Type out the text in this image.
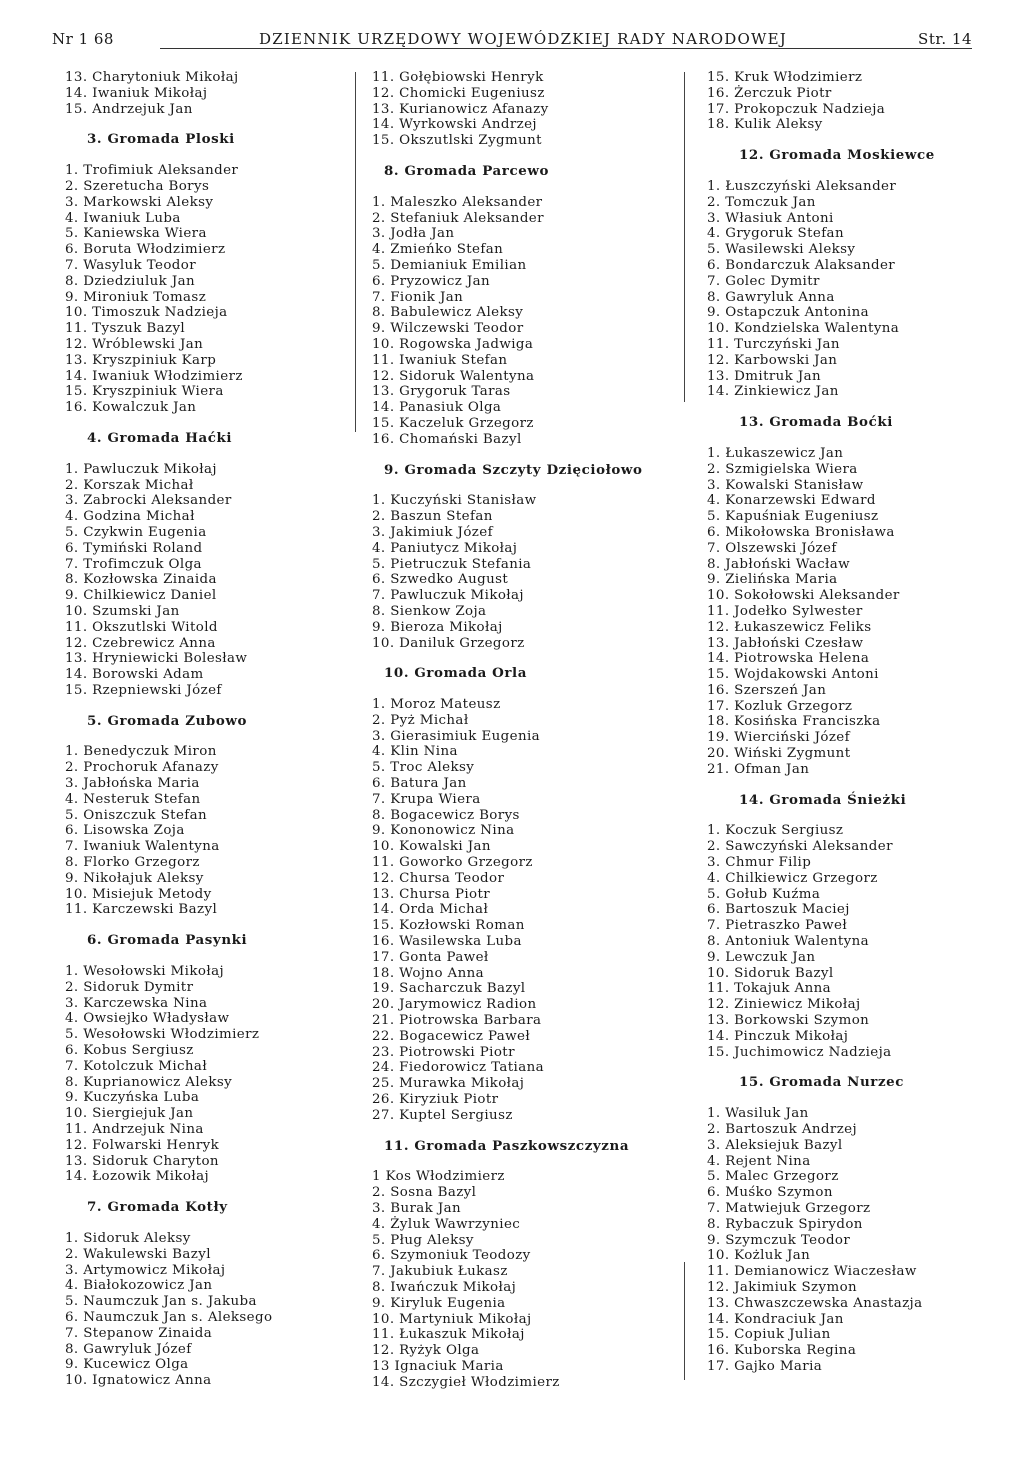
Nr 1 68	DZIENNIK URZĘDOWY WOJEWÓDZKIEJ RADY NARODOWEJ	Str. 14
13. Charytoniuk Mikołaj
14. Iwaniuk Mikołaj
15. Andrzejuk Jan
3. Gromada Ploski
1. Trofimiuk Aleksander
2. Szeretucha Borys
3. Markowski Aleksy
4. Iwaniuk Luba
5. Kaniewska Wiera
6. Boruta Włodzimierz
7. Wasyluk Teodor
8. Dziedziuluk Jan
9. Mironiuk Tomasz
10. Timoszuk Nadzieja
11. Tyszuk Bazyl
12. Wróblewski Jan
13. Kryszpiniuk Karp
14. Iwaniuk Włodzimierz
15. Kryszpiniuk Wiera
16. Kowalczuk Jan
4. Gromada Haćki
1. Pawluczuk Mikołaj
2. Korszak Michał
3. Zabrocki Aleksander
4. Godzina Michał
5. Czykwin Eugenia
6. Tymiński Roland
7. Trofimczuk Olga
8. Kozłowska Zinaida
9. Chilkiewicz Daniel
10. Szumski Jan
11. Okszutlski Witold
12. Czebrewicz Anna
13. Hryniewicki Bolesław
14. Borowski Adam
15. Rzepniewski Józef
5. Gromada Zubowo
1. Benedyczuk Miron
2. Prochoruk Afanazy
3. Jabłońska Maria
4. Nesteruk Stefan
5. Oniszczuk Stefan
6. Lisowska Zoja
7. Iwaniuk Walentyna
8. Florko Grzegorz
9. Nikołajuk Aleksy
10. Misiejuk Metody
11. Karczewski Bazyl
6. Gromada Pasynki
1. Wesołowski Mikołaj
2. Sidoruk Dymitr
3. Karczewska Nina
4. Owsiejko Władysław
5. Wesołowski Włodzimierz
6. Kobus Sergiusz
7. Kotolczuk Michał
8. Kuprianowicz Aleksy
9. Kuczyńska Luba
10. Siergiejuk Jan
11. Andrzejuk Nina
12. Folwarski Henryk
13. Sidoruk Charyton
14. Łozowik Mikołaj
7. Gromada Kotły
1. Sidoruk Aleksy
2. Wakulewski Bazyl
3. Artymowicz Mikołaj
4. Białokozowicz Jan
5. Naumczuk Jan s. Jakuba
6. Naumczuk Jan s. Aleksego
7. Stepanow Zinaida
8. Gawryluk Józef
9. Kucewicz Olga
10. Ignatowicz Anna
11. Gołębiowski Henryk
12. Chomicki Eugeniusz
13. Kurianowicz Afanazy
14. Wyrkowski Andrzej
15. Okszutlski Zygmunt
8. Gromada Parcewo
1. Maleszko Aleksander
2. Stefaniuk Aleksander
3. Jodła Jan
4. Zmieńko Stefan
5. Demianiuk Emilian
6. Pryzowicz Jan
7. Fionik Jan
8. Babulewicz Aleksy
9. Wilczewski Teodor
10. Rogowska Jadwiga
11. Iwaniuk Stefan
12. Sidoruk Walentyna
13. Grygoruk Taras
14. Panasiuk Olga
15. Kaczeluk Grzegorz
16. Chomański Bazyl
9. Gromada Szczyty Dzięciołowo
1. Kuczyński Stanisław
2. Baszun Stefan
3. Jakimiuk Józef
4. Paniutycz Mikołaj
5. Pietruczuk Stefania
6. Szwedko August
7. Pawluczuk Mikołaj
8. Sienkow Zoja
9. Bieroza Mikołaj
10. Daniluk Grzegorz
10. Gromada Orla
1. Moroz Mateusz
2. Pyż Michał
3. Gierasimiuk Eugenia
4. Klin Nina
5. Troc Aleksy
6. Batura Jan
7. Krupa Wiera
8. Bogacewicz Borys
9. Kononowicz Nina
10. Kowalski Jan
11. Goworko Grzegorz
12. Chursa Teodor
13. Chursa Piotr
14. Orda Michał
15. Kozłowski Roman
16. Wasilewska Luba
17. Gonta Paweł
18. Wojno Anna
19. Sacharczuk Bazyl
20. Jarymowicz Radion
21. Piotrowska Barbara
22. Bogacewicz Paweł
23. Piotrowski Piotr
24. Fiedorowicz Tatiana
25. Murawka Mikołaj
26. Kiryziuk Piotr
27. Kuptel Sergiusz
11. Gromada Paszkowszczyzna
1 Kos Włodzimierz
2. Sosna Bazyl
3. Burak Jan
4. Żyluk Wawrzyniec
5. Pług Aleksy
6. Szymoniuk Teodozy
7. Jakubiuk Łukasz
8. Iwańczuk Mikołaj
9. Kiryluk Eugenia
10. Martyniuk Mikołaj
11. Łukaszuk Mikołaj
12. Ryżyk Olga
13 Ignaciuk Maria
14. Szczygieł Włodzimierz
15. Kruk Włodzimierz
16. Żerczuk Piotr
17. Prokopczuk Nadzieja
18. Kulik Aleksy
12. Gromada Moskiewce
1. Łuszczyński Aleksander
2. Tomczuk Jan
3. Własiuk Antoni
4. Grygoruk Stefan
5. Wasilewski Aleksy
6. Bondarczuk Alaksander
7. Golec Dymitr
8. Gawryluk Anna
9. Ostapczuk Antonina
10. Kondzielska Walentyna
11. Turczyński Jan
12. Karbowski Jan
13. Dmitruk Jan
14. Zinkiewicz Jan
13. Gromada Boćki
1. Łukaszewicz Jan
2. Szmigielska Wiera
3. Kowalski Stanisław
4. Konarzewski Edward
5. Kapuśniak Eugeniusz
6. Mikołowska Bronisława
7. Olszewski Józef
8. Jabłoński Wacław
9. Zielińska Maria
10. Sokołowski Aleksander
11. Jodełko Sylwester
12. Łukaszewicz Feliks
13. Jabłoński Czesław
14. Piotrowska Helena
15. Wojdakowski Antoni
16. Szerszeń Jan
17. Kozluk Grzegorz
18. Kosińska Franciszka
19. Wierciński Józef
20. Wiński Zygmunt
21. Ofman Jan
14. Gromada Śnieżki
1. Koczuk Sergiusz
2. Sawczyński Aleksander
3. Chmur Filip
4. Chilkiewicz Grzegorz
5. Gołub Kuźma
6. Bartoszuk Maciej
7. Pietraszko Paweł
8. Antoniuk Walentyna
9. Lewczuk Jan
10. Sidoruk Bazyl
11. Tokajuk Anna
12. Ziniewicz Mikołaj
13. Borkowski Szymon
14. Pinczuk Mikołaj
15. Juchimowicz Nadzieja
15. Gromada Nurzec
1. Wasiluk Jan
2. Bartoszuk Andrzej
3. Aleksiejuk Bazyl
4. Rejent Nina
5. Malec Grzegorz
6. Muśko Szymon
7. Matwiejuk Grzegorz
8. Rybaczuk Spirydon
9. Szymczuk Teodor
10. Kożluk Jan
11. Demianowicz Wiaczesław
12. Jakimiuk Szymon
13. Chwaszczewska Anastazja
14. Kondraciuk Jan
15. Copiuk Julian
16. Kuborska Regina
17. Gajko Maria
